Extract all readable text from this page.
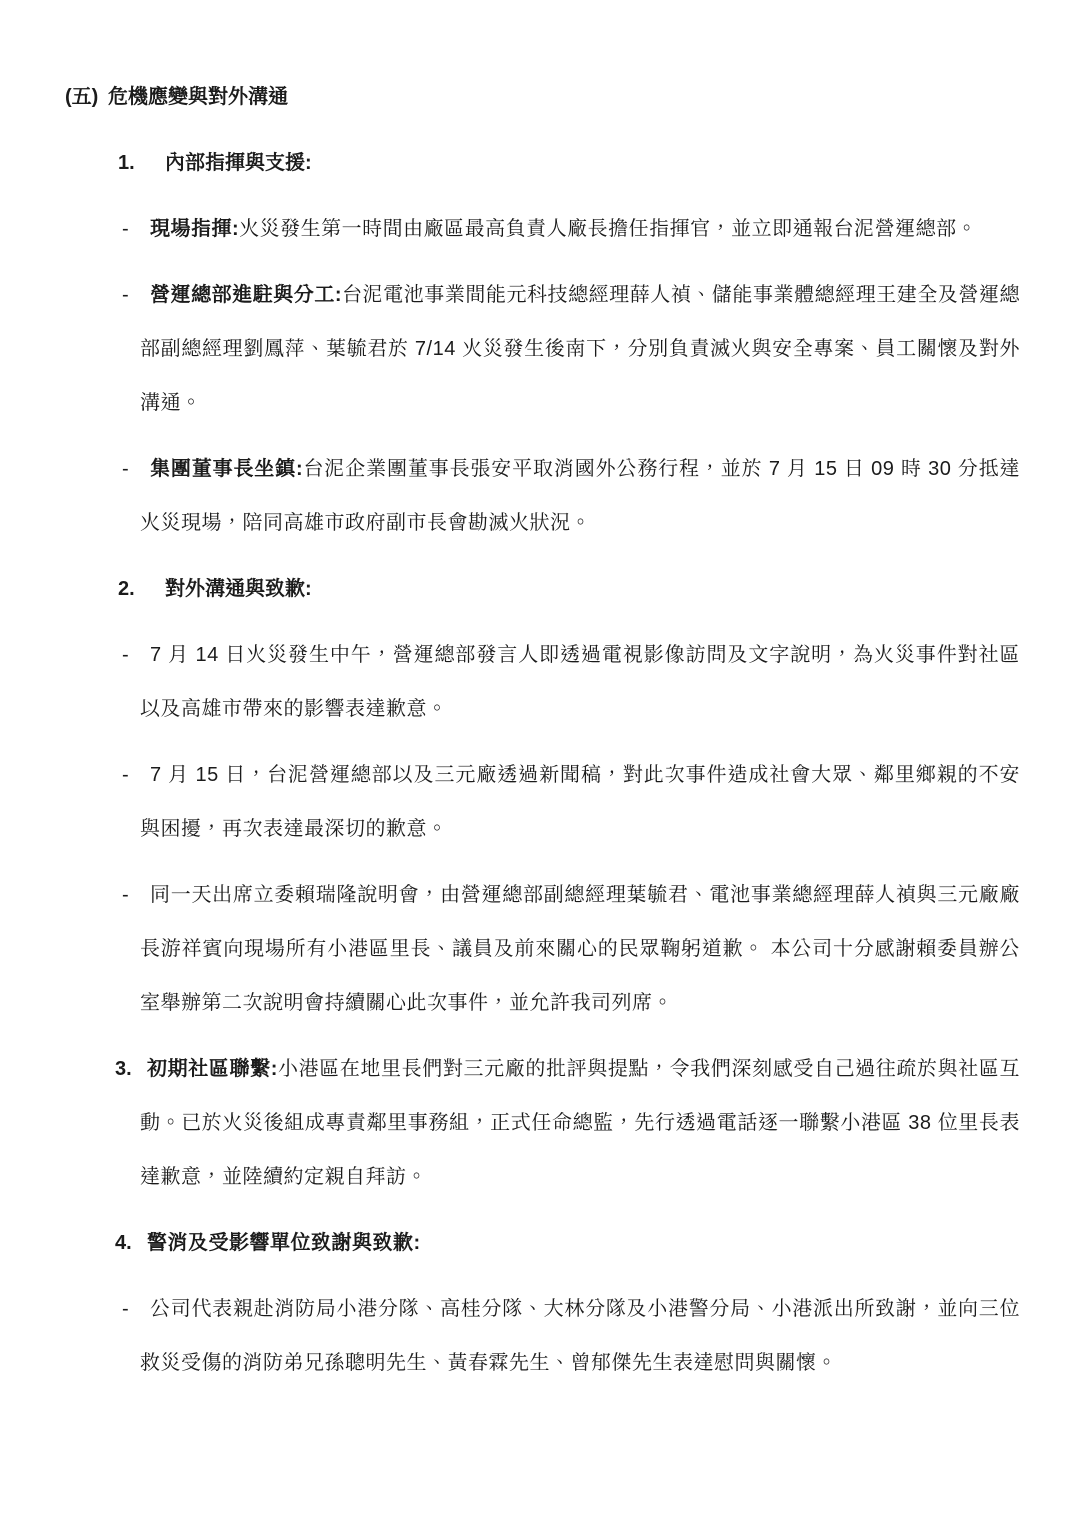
(五) 危機應變與對外溝通
1. 內部指揮與支援:

- 現場指揮:火災發生第一時間由廠區最高負責人廠長擔任指揮官，並立即通報台泥營運總部。

- 營運總部進駐與分工:台泥電池事業間能元科技總經理薛人禎、儲能事業體總經理王建全及營運總部副總經理劉鳳萍、葉毓君於 7/14 火災發生後南下，分別負責滅火與安全專案、員工關懷及對外溝通。

- 集團董事長坐鎮:台泥企業團董事長張安平取消國外公務行程，並於 7 月 15 日 09 時 30 分抵達火災現場，陪同高雄市政府副市長會勘滅火狀況。

2. 對外溝通與致歉:

- 7 月 14 日火災發生中午，營運總部發言人即透過電視影像訪問及文字說明，為火災事件對社區以及高雄市帶來的影響表達歉意。

- 7 月 15 日，台泥營運總部以及三元廠透過新聞稿，對此次事件造成社會大眾、鄰里鄉親的不安與困擾，再次表達最深切的歉意。

- 同一天出席立委賴瑞隆說明會，由營運總部副總經理葉毓君、電池事業總經理薛人禎與三元廠廠長游祥賓向現場所有小港區里長、議員及前來關心的民眾鞠躬道歉。 本公司十分感謝賴委員辦公室舉辦第二次說明會持續關心此次事件，並允許我司列席。

3. 初期社區聯繫:小港區在地里長們對三元廠的批評與提點，令我們深刻感受自己過往疏於與社區互動。已於火災後組成專責鄰里事務組，正式任命總監，先行透過電話逐一聯繫小港區 38 位里長表達歉意，並陸續約定親自拜訪。

4. 警消及受影響單位致謝與致歉:

- 公司代表親赴消防局小港分隊、高桂分隊、大林分隊及小港警分局、小港派出所致謝，並向三位救災受傷的消防弟兄孫聰明先生、黃春霖先生、曾郁傑先生表達慰問與關懷。
